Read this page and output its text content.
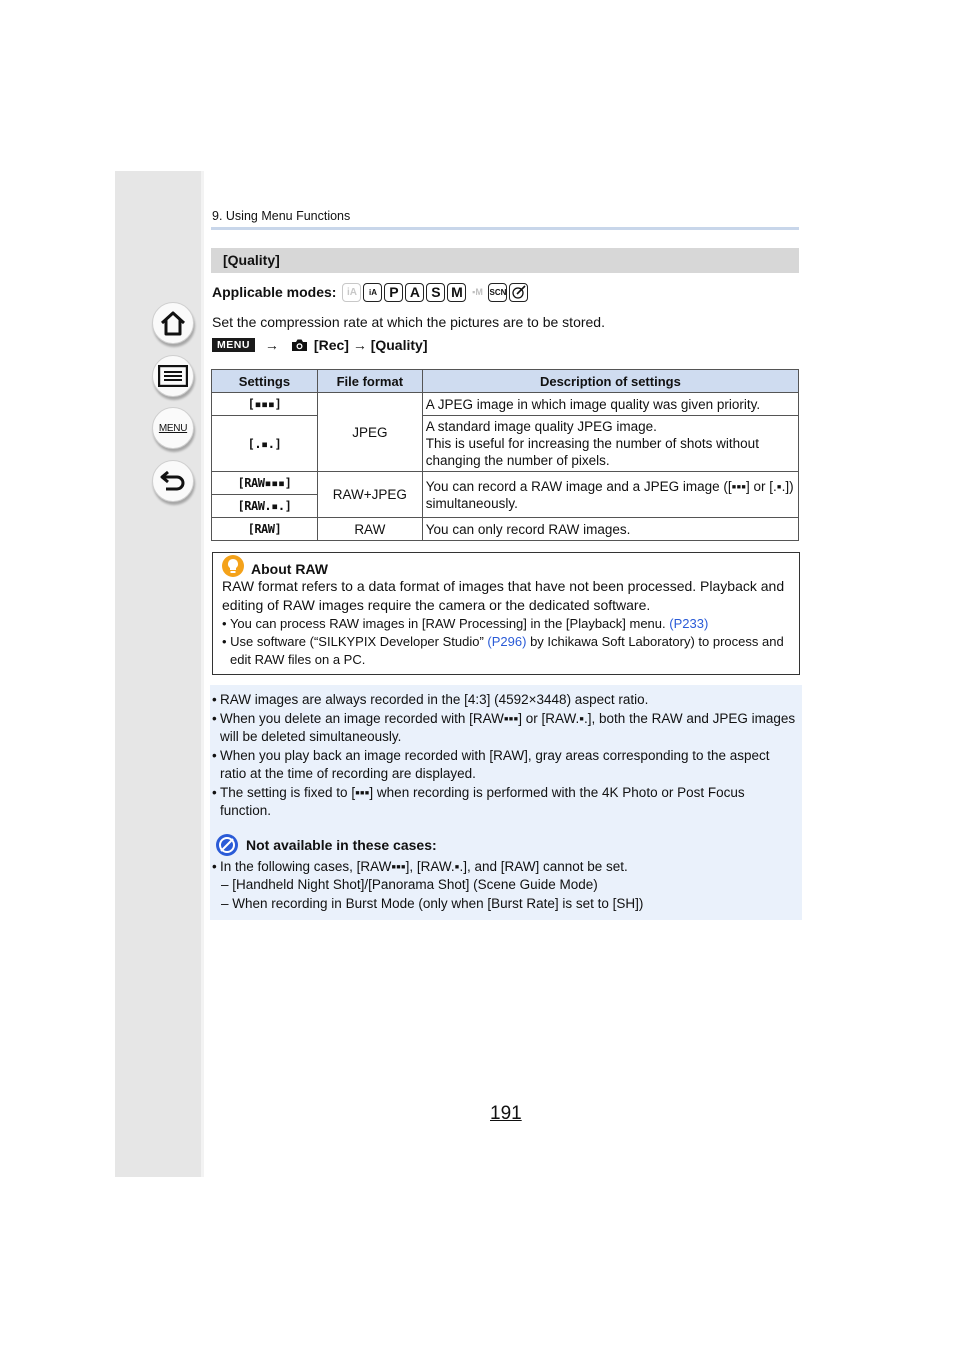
MENU
9. Using Menu Functions
[Quality]
Applicable modes:	iA	iA P A S M	▪M SCN
Set the compression rate at which the pictures are to be stored.
MENU	→	[Rec] → [Quality]
Settings	File format	Description of settings
[▪▪▪]	JPEG	A JPEG image in which image quality was given priority.
[.▪.]		A standard image quality JPEG image.
This is useful for increasing the number of shots without changing the number of pixels.

[RAW▪▪▪]	RAW+JPEG	You can record a RAW image and a JPEG image ([▪▪▪] or [.▪.]) simultaneously.
[RAW.▪.]		
[RAW]	RAW	You can only record RAW images.
About RAW
RAW format refers to a data format of images that have not been processed. Playback and editing of RAW images require the camera or the dedicated software.
• You can process RAW images in [RAW Processing] in the [Playback] menu. (P233)
• Use software (“SILKYPIX Developer Studio” (P296) by Ichikawa Soft Laboratory) to process and edit RAW files on a PC.
• RAW images are always recorded in the [4:3] (4592×3448) aspect ratio.
• When you delete an image recorded with [RAW▪▪▪] or [RAW.▪.], both the RAW and JPEG images will be deleted simultaneously.
• When you play back an image recorded with [RAW], gray areas corresponding to the aspect ratio at the time of recording are displayed.
• The setting is fixed to [▪▪▪] when recording is performed with the 4K Photo or Post Focus function.
Not available in these cases:
• In the following cases, [RAW▪▪▪], [RAW.▪.], and [RAW] cannot be set.
– [Handheld Night Shot]/[Panorama Shot] (Scene Guide Mode)
– When recording in Burst Mode (only when [Burst Rate] is set to [SH])
191
